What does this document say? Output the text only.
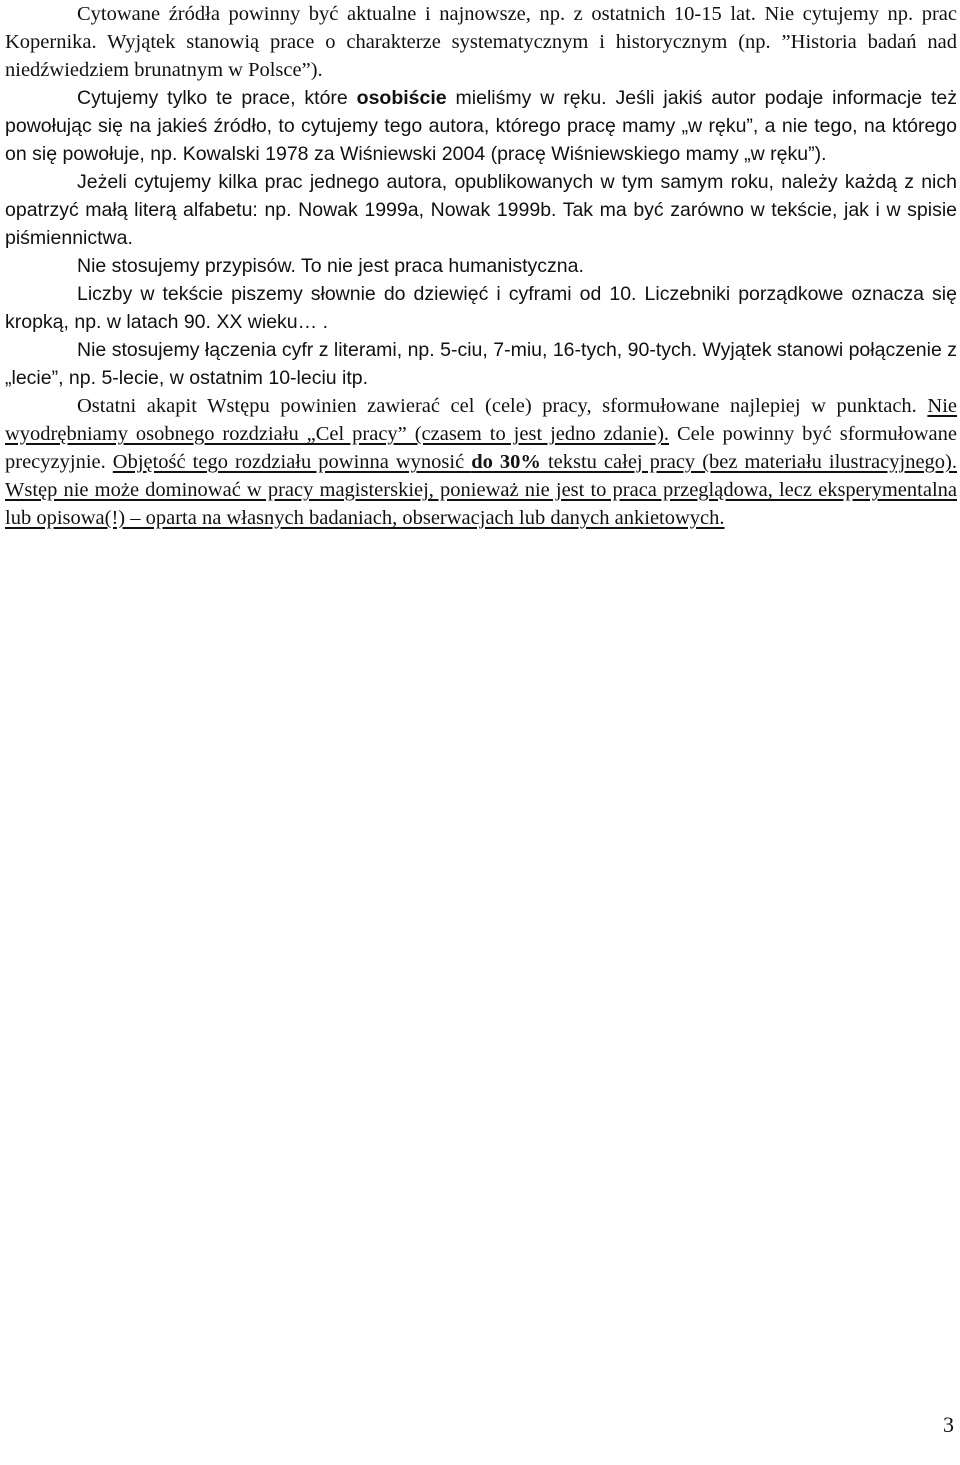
Cytowane źródła powinny być aktualne i najnowsze, np. z ostatnich 10-15 lat. Nie cytujemy np. prac Kopernika. Wyjątek stanowią prace o charakterze systematycznym i historycznym (np. ”Historia badań nad niedźwiedziem brunatnym w Polsce”).

Cytujemy tylko te prace, które osobiście mieliśmy w ręku. Jeśli jakiś autor podaje informacje też powołując się na jakieś źródło, to cytujemy tego autora, którego pracę mamy „w ręku”, a nie tego, na którego on się powołuje, np. Kowalski 1978 za Wiśniewski 2004 (pracę Wiśniewskiego mamy „w ręku”).

Jeżeli cytujemy kilka prac jednego autora, opublikowanych w tym samym roku, należy każdą z nich opatrzyć małą literą alfabetu: np. Nowak 1999a, Nowak 1999b. Tak ma być zarówno w tekście, jak i w spisie piśmiennictwa.

Nie stosujemy przypisów. To nie jest praca humanistyczna.

Liczby w tekście piszemy słownie do dziewięć i cyframi od 10. Liczebniki porządkowe oznacza się kropką, np. w latach 90. XX wieku… .

Nie stosujemy łączenia cyfr z literami, np. 5-ciu, 7-miu, 16-tych, 90-tych. Wyjątek stanowi połączenie z „lecie”, np. 5-lecie, w ostatnim 10-leciu itp.

Ostatni akapit Wstępu powinien zawierać cel (cele) pracy, sformułowane najlepiej w punktach. Nie wyodrębniamy osobnego rozdziału „Cel pracy” (czasem to jest jedno zdanie). Cele powinny być sformułowane precyzyjnie. Objętość tego rozdziału powinna wynosić do 30% tekstu całej pracy (bez materiału ilustracyjnego). Wstęp nie może dominować w pracy magisterskiej, ponieważ nie jest to praca przeglądowa, lecz eksperymentalna lub opisowa(!) – oparta na własnych badaniach, obserwacjach lub danych ankietowych.

3
